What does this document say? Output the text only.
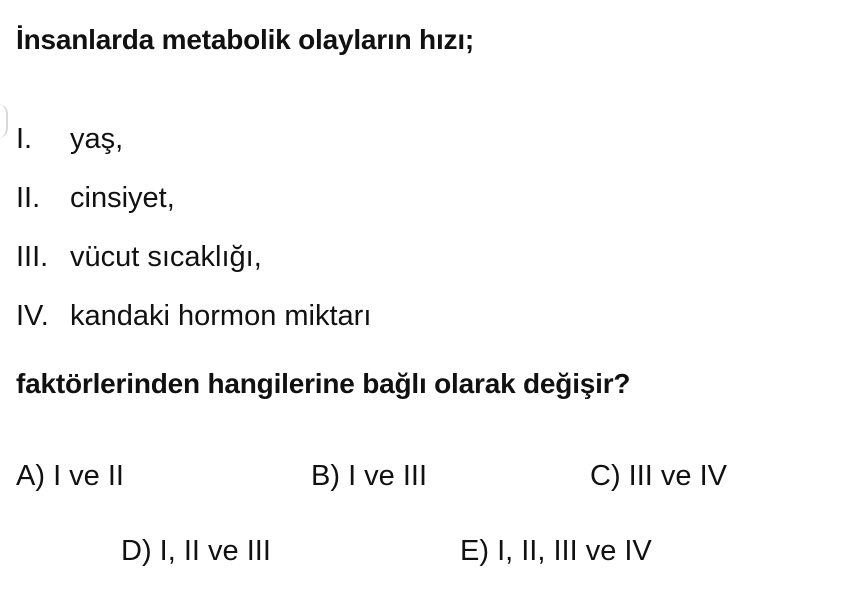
İnsanlarda metabolik olayların hızı;
I.	yaş,
II.	cinsiyet,
III. vücut sıcaklığı,
IV. kandaki hormon miktarı
faktörlerinden hangilerine bağlı olarak değişir?
A) I ve II	B) I ve III	C) III ve IV
D) I, II ve III	E) I, II, III ve IV
